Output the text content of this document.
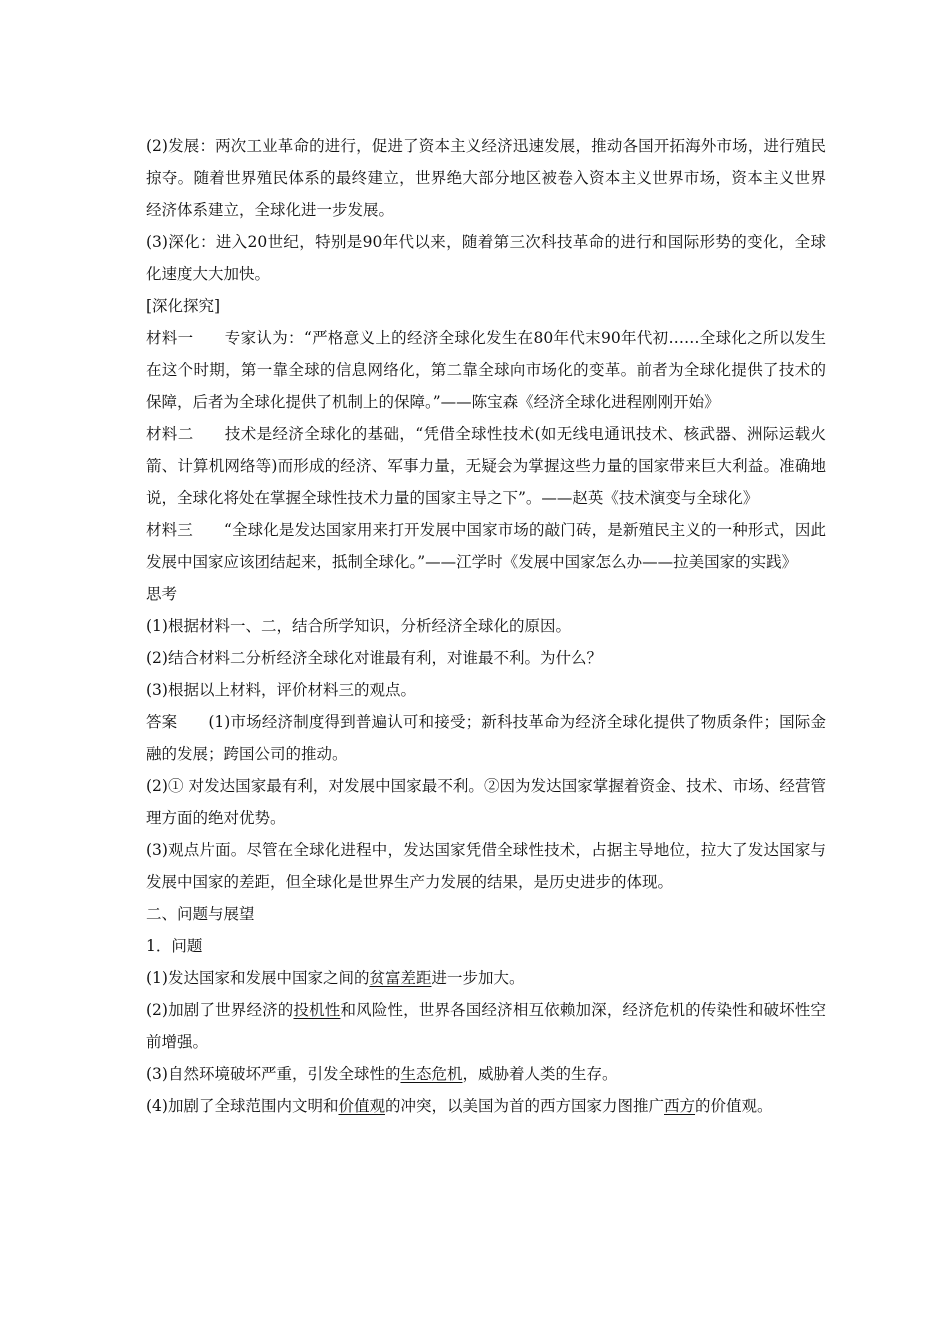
(2)发展：两次工业革命的进行，促进了资本主义经济迅速发展，推动各国开拓海外市场，进行殖民掠夺。随着世界殖民体系的最终建立，世界绝大部分地区被卷入资本主义世界市场，资本主义世界经济体系建立，全球化进一步发展。

(3)深化：进入20世纪，特别是90年代以来，随着第三次科技革命的进行和国际形势的变化，全球化速度大大加快。

[深化探究]

材料一 专家认为：“严格意义上的经济全球化发生在80年代末90年代初……全球化之所以发生在这个时期，第一靠全球的信息网络化，第二靠全球向市场化的变革。前者为全球化提供了技术的保障，后者为全球化提供了机制上的保障。”——陈宝森《经济全球化进程刚刚开始》

材料二 技术是经济全球化的基础，“凭借全球性技术(如无线电通讯技术、核武器、洲际运载火箭、计算机网络等)而形成的经济、军事力量，无疑会为掌握这些力量的国家带来巨大利益。准确地说，全球化将处在掌握全球性技术力量的国家主导之下”。——赵英《技术演变与全球化》

材料三 “全球化是发达国家用来打开发展中国家市场的敲门砖，是新殖民主义的一种形式，因此发展中国家应该团结起来，抵制全球化。”——江学时《发展中国家怎么办——拉美国家的实践》

思考

(1)根据材料一、二，结合所学知识，分析经济全球化的原因。

(2)结合材料二分析经济全球化对谁最有利，对谁最不利。为什么？

(3)根据以上材料，评价材料三的观点。

答案 (1)市场经济制度得到普遍认可和接受；新科技革命为经济全球化提供了物质条件；国际金融的发展；跨国公司的推动。

(2)① 对发达国家最有利，对发展中国家最不利。②因为发达国家掌握着资金、技术、市场、经营管理方面的绝对优势。

(3)观点片面。尽管在全球化进程中，发达国家凭借全球性技术，占据主导地位，拉大了发达国家与发展中国家的差距，但全球化是世界生产力发展的结果，是历史进步的体现。

二、问题与展望

1．问题

(1)发达国家和发展中国家之间的贫富差距进一步加大。

(2)加剧了世界经济的投机性和风险性，世界各国经济相互依赖加深，经济危机的传染性和破坏性空前增强。

(3)自然环境破坏严重，引发全球性的生态危机，威胁着人类的生存。

(4)加剧了全球范围内文明和价值观的冲突，以美国为首的西方国家力图推广西方的价值观。
